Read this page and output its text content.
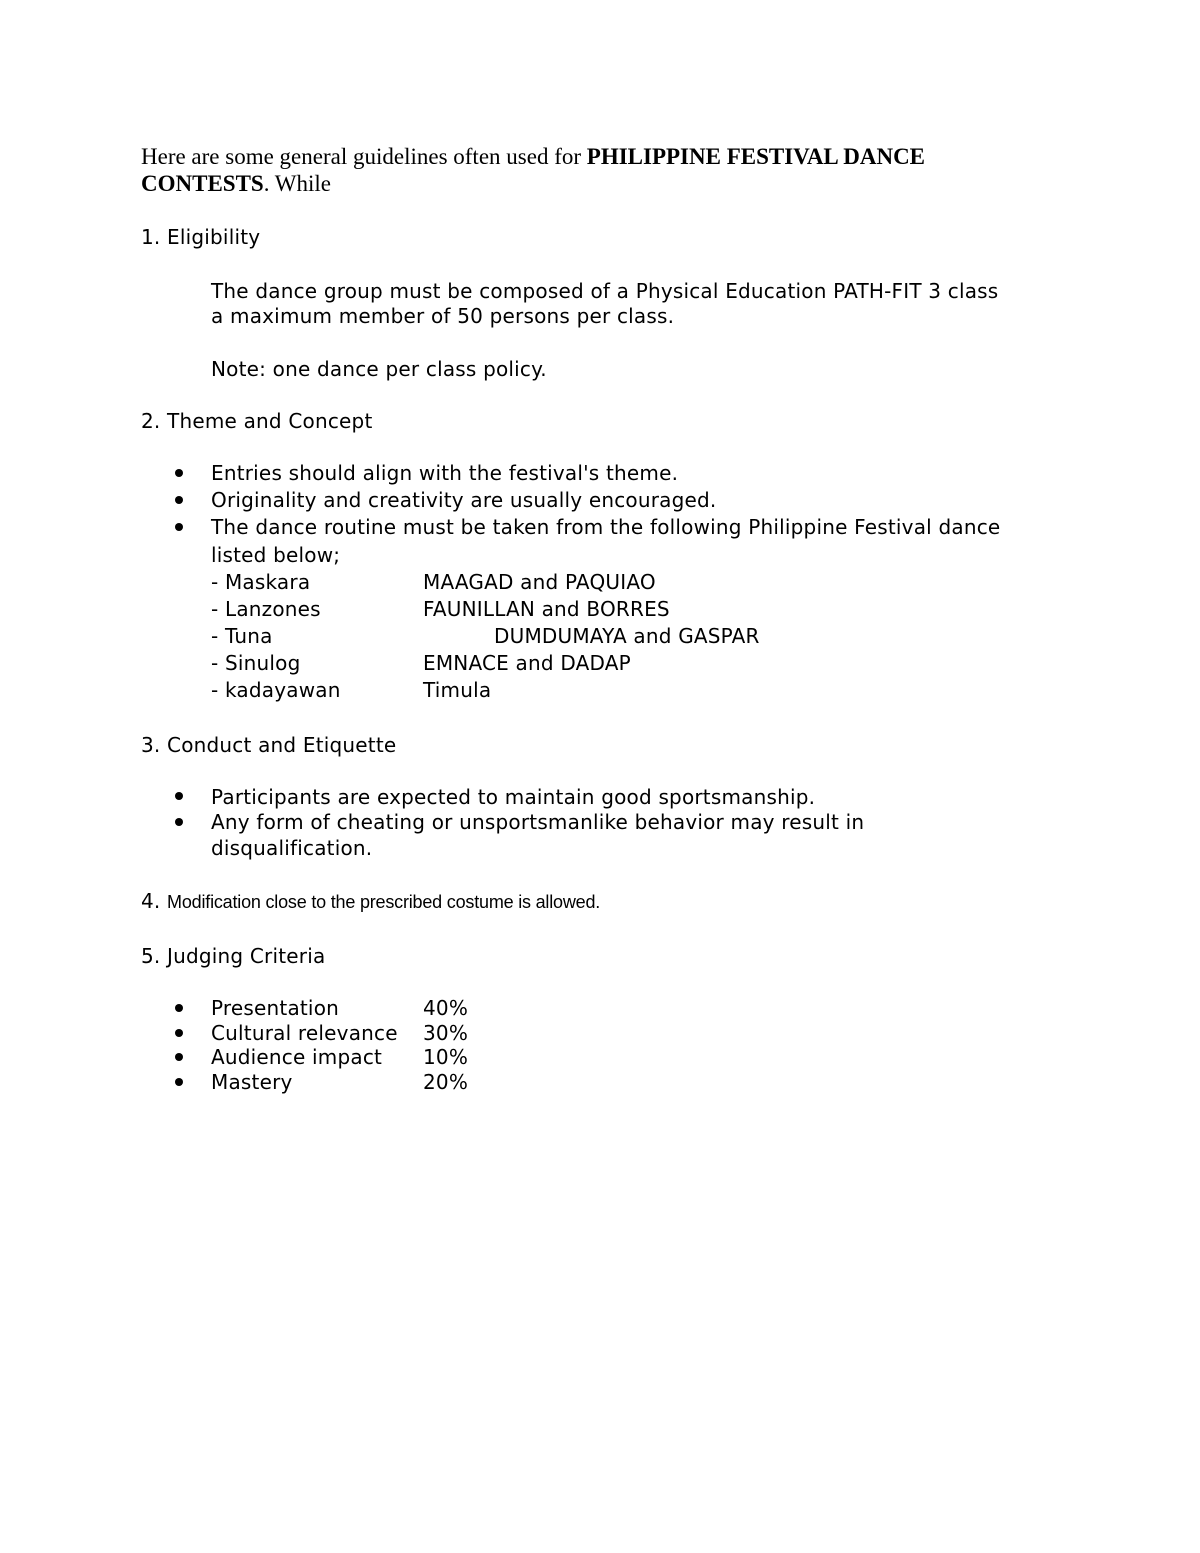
Here are some general guidelines often used for PHILIPPINE FESTIVAL DANCE
CONTESTS. While
1. Eligibility
The dance group must be composed of a Physical Education PATH-FIT 3 class
a maximum member of 50 persons per class.
Note: one dance per class policy.
2. Theme and Concept
Entries should align with the festival's theme.
Originality and creativity are usually encouraged.
The dance routine must be taken from the following Philippine Festival dance
listed below;
- Maskara	MAAGAD and PAQUIAO
- Lanzones	FAUNILLAN and BORRES
- Tuna	DUMDUMAYA and GASPAR
- Sinulog	EMNACE and DADAP
- kadayawan	Timula
3. Conduct and Etiquette
Participants are expected to maintain good sportsmanship.
Any form of cheating or unsportsmanlike behavior may result in
disqualification.
4. Modification close to the prescribed costume is allowed.
5. Judging Criteria
Presentation	40%
Cultural relevance 30%
Audience impact 10%
Mastery	20%
